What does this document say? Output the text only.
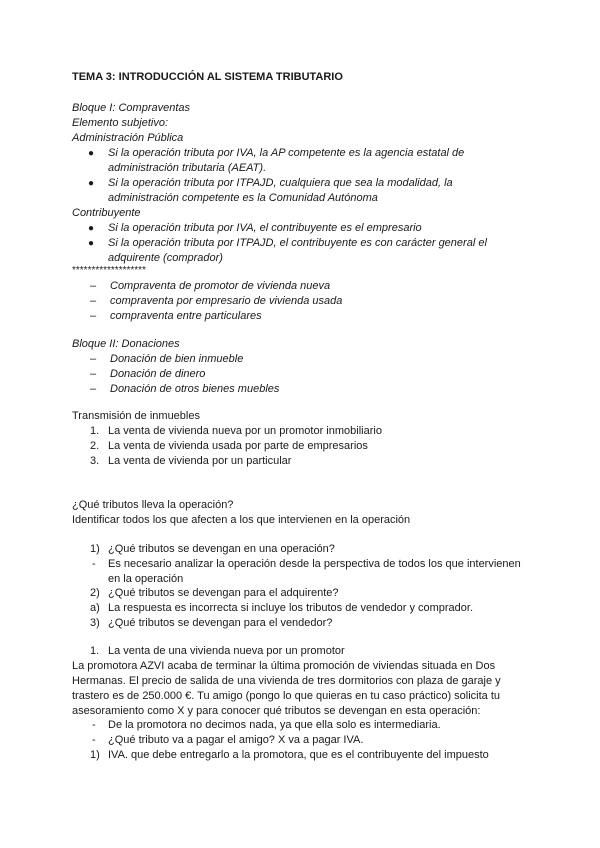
TEMA 3: INTRODUCCIÓN AL SISTEMA TRIBUTARIO
Bloque I: Compraventas
Elemento subjetivo:
Administración Pública
● Si la operación tributa por IVA, la AP competente es la agencia estatal de
administración tributaria (AEAT).
● Si la operación tributa por ITPAJD, cualquiera que sea la modalidad, la
administración competente es la Comunidad Autónoma
Contribuyente
● Si la operación tributa por IVA, el contribuyente es el empresario
● Si la operación tributa por ITPAJD, el contribuyente es con carácter general el
adquirente (comprador)
*******************
– Compraventa de promotor de vivienda nueva
– compraventa por empresario de vivienda usada
– compraventa entre particulares
Bloque II: Donaciones
– Donación de bien inmueble
– Donación de dinero
– Donación de otros bienes muebles
Transmisión de inmuebles
1. La venta de vivienda nueva por un promotor inmobiliario
2. La venta de vivienda usada por parte de empresarios
3. La venta de vivienda por un particular
¿Qué tributos lleva la operación?
Identificar todos los que afecten a los que intervienen en la operación
1) ¿Qué tributos se devengan en una operación?
- Es necesario analizar la operación desde la perspectiva de todos los que intervienen
en la operación
2) ¿Qué tributos se devengan para el adquirente?
a) La respuesta es incorrecta si incluye los tributos de vendedor y comprador.
3) ¿Qué tributos se devengan para el vendedor?
1. La venta de una vivienda nueva por un promotor
La promotora AZVI acaba de terminar la última promoción de viviendas situada en Dos
Hermanas. El precio de salida de una vivienda de tres dormitorios con plaza de garaje y
trastero es de 250.000 €. Tu amigo (pongo lo que quieras en tu caso práctico) solicita tu
asesoramiento como X y para conocer qué tributos se devengan en esta operación:
- De la promotora no decimos nada, ya que ella solo es intermediaria.
- ¿Qué tributo va a pagar el amigo? X va a pagar IVA.
1) IVA. que debe entregarlo a la promotora, que es el contribuyente del impuesto
